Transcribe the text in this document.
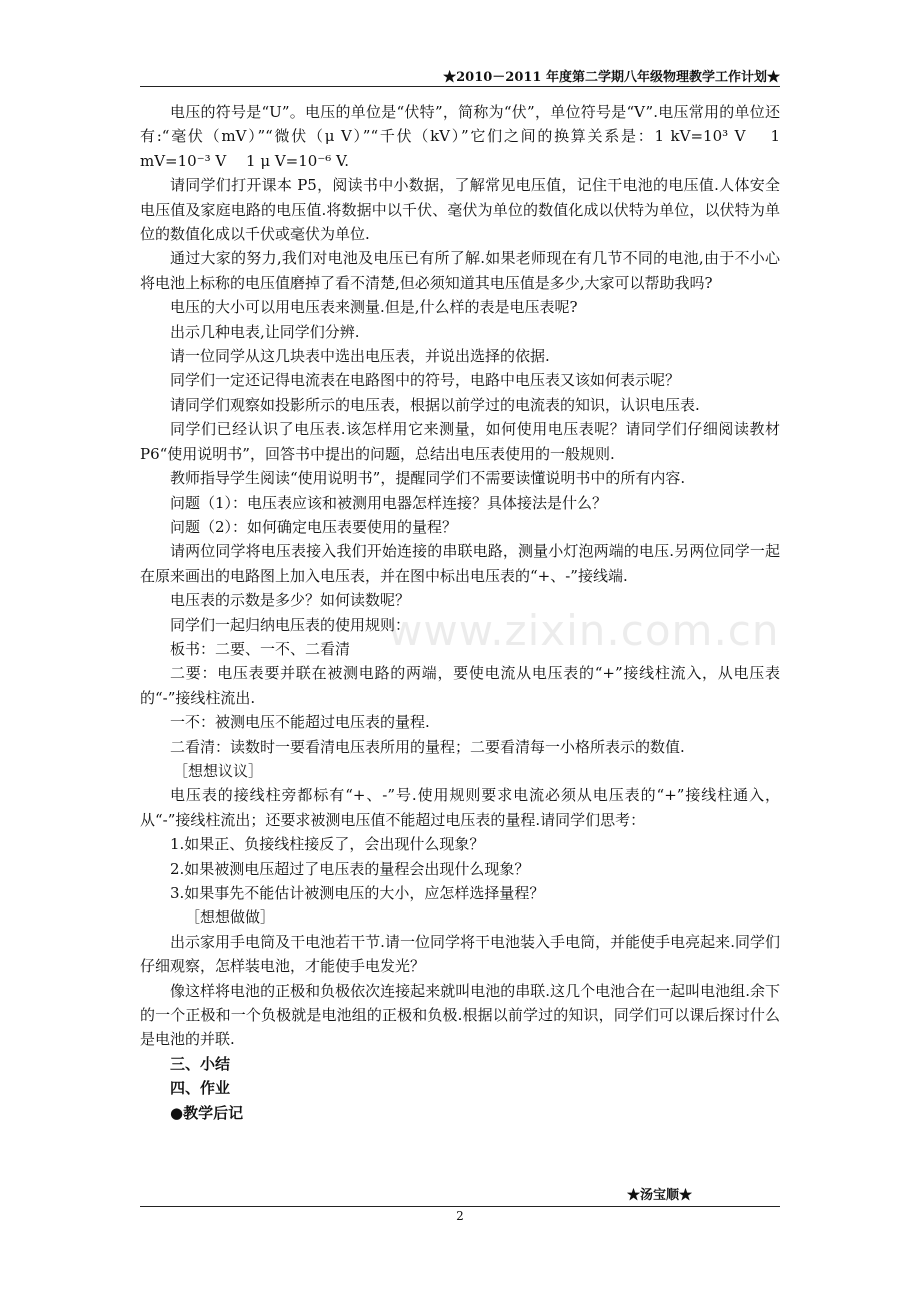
★2010－2011 年度第二学期八年级物理教学工作计划★
www.zixin.com.cn

电压的符号是“U”。电压的单位是“伏特”，简称为“伏”，单位符号是“V”.电压常用的单位还有:“毫伏（mV）”“微伏（μ V）”“千伏（kV）”它们之间的换算关系是：1 kV=10³ V　 1 mV=10⁻³ V　 1 μ V=10⁻⁶ V.

请同学们打开课本 P5，阅读书中小数据，了解常见电压值，记住干电池的电压值.人体安全电压值及家庭电路的电压值.将数据中以千伏、毫伏为单位的数值化成以伏特为单位，以伏特为单位的数值化成以千伏或毫伏为单位.

通过大家的努力,我们对电池及电压已有所了解.如果老师现在有几节不同的电池,由于不小心将电池上标称的电压值磨掉了看不清楚,但必须知道其电压值是多少,大家可以帮助我吗?

电压的大小可以用电压表来测量.但是,什么样的表是电压表呢?

出示几种电表,让同学们分辨.

请一位同学从这几块表中选出电压表，并说出选择的依据.

同学们一定还记得电流表在电路图中的符号，电路中电压表又该如何表示呢？

请同学们观察如投影所示的电压表，根据以前学过的电流表的知识，认识电压表.

同学们已经认识了电压表.该怎样用它来测量，如何使用电压表呢？请同学们仔细阅读教材 P6“使用说明书”，回答书中提出的问题，总结出电压表使用的一般规则.

教师指导学生阅读“使用说明书”，提醒同学们不需要读懂说明书中的所有内容.

问题（1）：电压表应该和被测用电器怎样连接？具体接法是什么？

问题（2）：如何确定电压表要使用的量程？

请两位同学将电压表接入我们开始连接的串联电路，测量小灯泡两端的电压.另两位同学一起在原来画出的电路图上加入电压表，并在图中标出电压表的“+、-”接线端.

电压表的示数是多少？如何读数呢？

同学们一起归纳电压表的使用规则：

板书：二要、一不、二看清

二要：电压表要并联在被测电路的两端，要使电流从电压表的“+”接线柱流入，从电压表的“-”接线柱流出.

一不：被测电压不能超过电压表的量程.

二看清：读数时一要看清电压表所用的量程；二要看清每一小格所表示的数值.

［想想议议］

电压表的接线柱旁都标有“+、-”号.使用规则要求电流必须从电压表的“+”接线柱通入，从“-”接线柱流出；还要求被测电压值不能超过电压表的量程.请同学们思考：

1.如果正、负接线柱接反了，会出现什么现象？

2.如果被测电压超过了电压表的量程会出现什么现象？

3.如果事先不能估计被测电压的大小，应怎样选择量程？

［想想做做］

出示家用手电筒及干电池若干节.请一位同学将干电池装入手电筒，并能使手电亮起来.同学们仔细观察，怎样装电池，才能使手电发光？

像这样将电池的正极和负极依次连接起来就叫电池的串联.这几个电池合在一起叫电池组.余下的一个正极和一个负极就是电池组的正极和负极.根据以前学过的知识，同学们可以课后探讨什么是电池的并联.

三、小结

四、作业

●教学后记

★汤宝顺★
2
